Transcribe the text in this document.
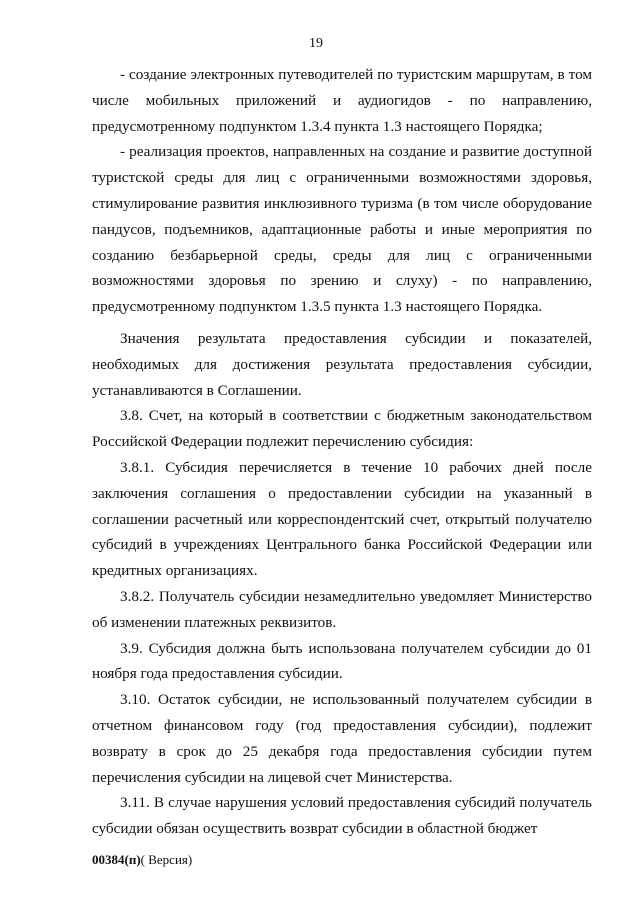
19

- создание электронных путеводителей по туристским маршрутам, в том числе мобильных приложений и аудиогидов - по направлению, предусмотренному подпунктом 1.3.4 пункта 1.3 настоящего Порядка;

- реализация проектов, направленных на создание и развитие доступной туристской среды для лиц с ограниченными возможностями здоровья, стимулирование развития инклюзивного туризма (в том числе оборудование пандусов, подъемников, адаптационные работы и иные мероприятия по созданию безбарьерной среды, среды для лиц с ограниченными возможностями здоровья по зрению и слуху) - по направлению, предусмотренному подпунктом 1.3.5 пункта 1.3 настоящего Порядка.

Значения результата предоставления субсидии и показателей, необходимых для достижения результата предоставления субсидии, устанавливаются в Соглашении.

3.8. Счет, на который в соответствии с бюджетным законодательством Российской Федерации подлежит перечислению субсидия:

3.8.1. Субсидия перечисляется в течение 10 рабочих дней после заключения соглашения о предоставлении субсидии на указанный в соглашении расчетный или корреспондентский счет, открытый получателю субсидий в учреждениях Центрального банка Российской Федерации или кредитных организациях.

3.8.2. Получатель субсидии незамедлительно уведомляет Министерство об изменении платежных реквизитов.

3.9. Субсидия должна быть использована получателем субсидии до 01 ноября года предоставления субсидии.

3.10. Остаток субсидии, не использованный получателем субсидии в отчетном финансовом году (год предоставления субсидии), подлежит возврату в срок до 25 декабря года предоставления субсидии путем перечисления субсидии на лицевой счет Министерства.

3.11. В случае нарушения условий предоставления субсидий получатель субсидии обязан осуществить возврат субсидии в областной бюджет

00384(п)( Версия)
